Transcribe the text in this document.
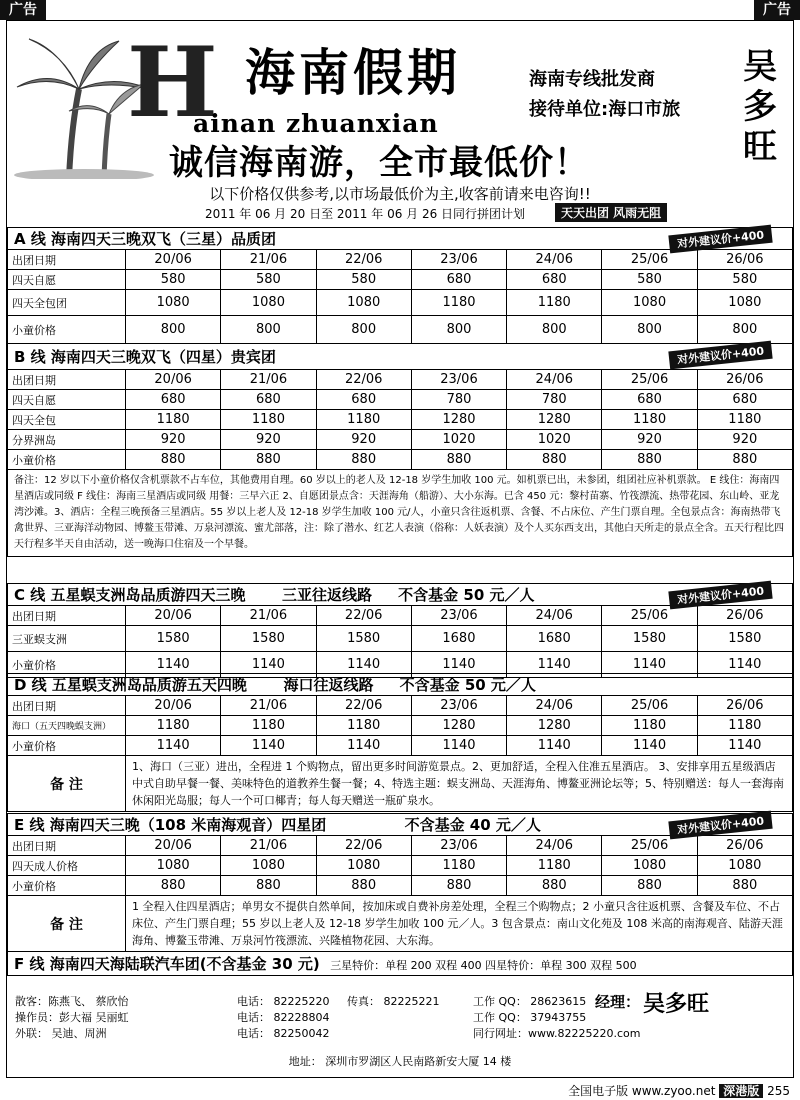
广告	广告
H 海南假期
ainan zhuanxian
海南专线批发商
接待单位:海口市旅
吴多旺
诚信海南游，全市最低价！
以下价格仅供参考,以市场最低价为主,收客前请来电咨询!!
2011 年 06 月 20 日至 2011 年 06 月 26 日同行拼团计划	天天出团 风雨无阻
A 线 海南四天三晚双飞（三星）品质团 对外建议价+400							

出团日期	20/06	21/06	22/06	23/06	24/06	25/06	26/06
四天自愿	580	580	580	680	680	580	580
四天全包团	1080	1080	1080	1180	1180	1080	1080
小童价格	800	800	800	800	800	800	800
B 线 海南四天三晚双飞（四星）贵宾团 对外建议价+400							

出团日期	20/06	21/06	22/06	23/06	24/06	25/06	26/06
四天自愿	680	680	680	780	780	680	680
四天全包	1180	1180	1180	1280	1280	1180	1180
分界洲岛	920	920	920	1020	1020	920	920
小童价格	880	880	880	880	880	880	880
备注：12 岁以下小童价格仅含机票款不占车位，其他费用自理。60 岁以上的老人及 12-18 岁学生加收 100 元。如机票已出，未参团，组团社应补机票款。 E 线住：海南四星酒店或同级 F 线住：海南三星酒店或同级 用餐：三早六正 2、自愿团景点含：天涯海角（船游）、大小东海。已含 450 元：黎村苗寨、竹筏漂流、热带花园、东山岭、亚龙湾沙滩。3、酒店：全程三晚预备三星酒店。55 岁以上老人及 12-18 岁学生加收 100 元/人，小童只含往返机票、含餐、不占床位、产生门票自理。全包景点含：海南热带飞禽世界、三亚海洋动物园、博鳌玉带滩、万泉河漂流、蜜尤部落，注：除了潜水、红艺人表演（俗称：人妖表演）及个人买东西支出，其他白天所走的景点全含。五天行程比四天行程多半天自由活动，送一晚海口住宿及一个早餐。							
C 线 五星蜈支洲岛品质游四天三晚 三亚往返线路 不含基金 50 元／人 对外建议价+400							

出团日期	20/06	21/06	22/06	23/06	24/06	25/06	26/06
三亚蜈支洲	1580	1580	1580	1680	1680	1580	1580
小童价格	1140	1140	1140	1140	1140	1140	1140
D 线 五星蜈支洲岛品质游五天四晚 海口往返线路 不含基金 50 元／人							
出团日期	20/06	21/06	22/06	23/06	24/06	25/06	26/06
海口（五天四晚蜈支洲）	1180	1180	1180	1280	1280	1180	1180
小童价格	1140	1140	1140	1140	1140	1140	1140
备 注	1、海口（三亚）进出，全程进 1 个购物点，留出更多时间游览景点。2、更加舒适，全程入住准五星酒店。 3、安排享用五星级酒店中式自助早餐一餐、美味特色的道教养生餐一餐；4、特选主题：蜈支洲岛、天涯海角、博鳌亚洲论坛等；5、特别赠送：每人一套海南休闲阳光岛服；每人一个可口椰青；每人每天赠送一瓶矿泉水。						
E 线 海南四天三晚（108 米南海观音）四星团 不含基金 40 元／人 对外建议价+400							

出团日期	20/06	21/06	22/06	23/06	24/06	25/06	26/06
四天成人价格	1080	1080	1080	1180	1180	1080	1080
小童价格	880	880	880	880	880	880	880
备 注	1 全程入住四星酒店；单男女不提供自然单间，按加床或自费补房差处理，全程三个购物点；2 小童只含往返机票、含餐及车位、不占床位、产生门票自理；55 岁以上老人及 12-18 岁学生加收 100 元／人。3 包含景点：南山文化苑及 108 米高的南海观音、陆游天涯海角、博鳌玉带滩、万泉河竹筏漂流、兴隆植物花园、大东海。						
F 线 海南四天海陆联汽车团(不含基金 30 元) 三星特价：单程 200 双程 400 四星特价：单程 300 双程 500							
散客：陈燕飞、 蔡欣怡
操作员：彭大福 吴丽虹
外联： 吴迪、周洲
电话： 82225220 传真： 82225221
电话： 82228804
电话： 82250042
工作 QQ： 28623615
工作 QQ： 37943755
同行网址：www.82225220.com
经理： 吴多旺
地址： 深圳市罗湖区人民南路新安大厦 14 楼
全国电子版 www.zyoo.net 深港版 255
